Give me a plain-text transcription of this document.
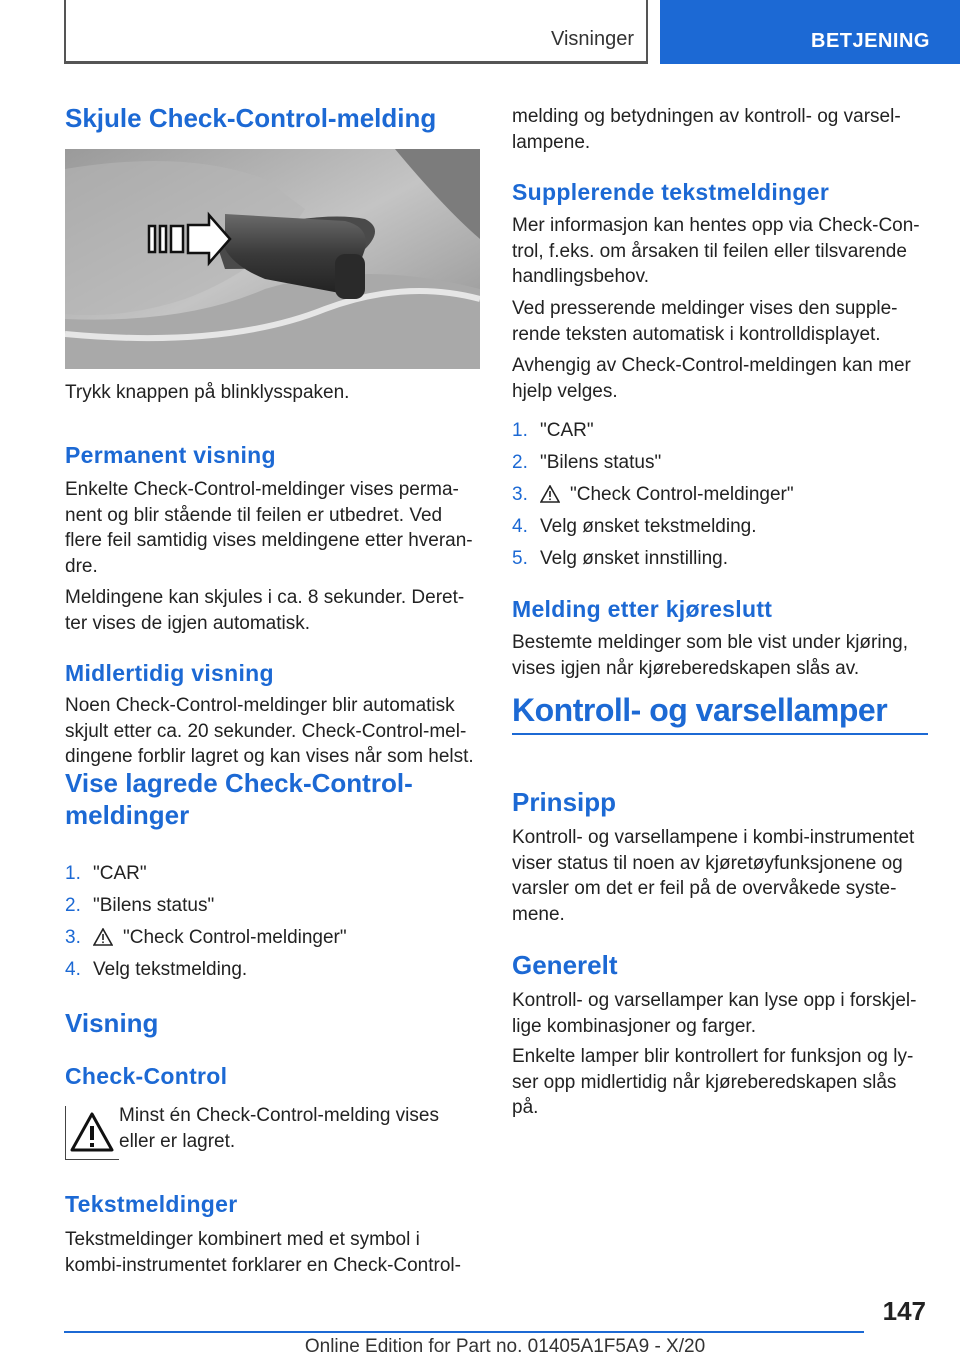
Visninger	BETJENING
Skjule Check-Control-melding

Trykk knappen på blinklysspaken.

Permanent visning

Enkelte Check-Control-meldinger vises perma-nent og blir stående til feilen er utbedret. Ved flere feil samtidig vises meldingene etter hveran-dre.

Meldingene kan skjules i ca. 8 sekunder. Deret-ter vises de igjen automatisk.

Midlertidig visning

Noen Check-Control-meldinger blir automatisk skjult etter ca. 20 sekunder. Check-Control-mel-dingene forblir lagret og kan vises når som helst.

Vise lagrede Check-Control-
meldinger
1. "CAR"
2. "Bilens status"
3.	"Check Control-meldinger"
4. Velg tekstmelding.
Visning
Check-Control

Minst én Check-Control-melding vises eller er lagret.

Tekstmeldinger

Tekstmeldinger kombinert med et symbol i kombi-instrumentet forklarer en Check-Control-

melding og betydningen av kontroll- og varsel-lampene.

Supplerende tekstmeldinger

Mer informasjon kan hentes opp via Check-Con-trol, f.eks. om årsaken til feilen eller tilsvarende handlingsbehov.

Ved presserende meldinger vises den supple-rende teksten automatisk i kontrolldisplayet.

Avhengig av Check-Control-meldingen kan mer hjelp velges.

1. "CAR"
2. "Bilens status"
3.	"Check Control-meldinger"
4. Velg ønsket tekstmelding.
5. Velg ønsket innstilling.
Melding etter kjøreslutt

Bestemte meldinger som ble vist under kjøring, vises igjen når kjøreberedskapen slås av.

Kontroll- og varsellamper
Prinsipp

Kontroll- og varsellampene i kombi-instrumentet viser status til noen av kjøretøyfunksjonene og varsler om det er feil på de overvåkede syste-mene.

Generelt

Kontroll- og varsellamper kan lyse opp i forskjel-lige kombinasjoner og farger.

Enkelte lamper blir kontrollert for funksjon og ly-ser opp midlertidig når kjøreberedskapen slås på.

147
Online Edition for Part no. 01405A1F5A9 - X/20
